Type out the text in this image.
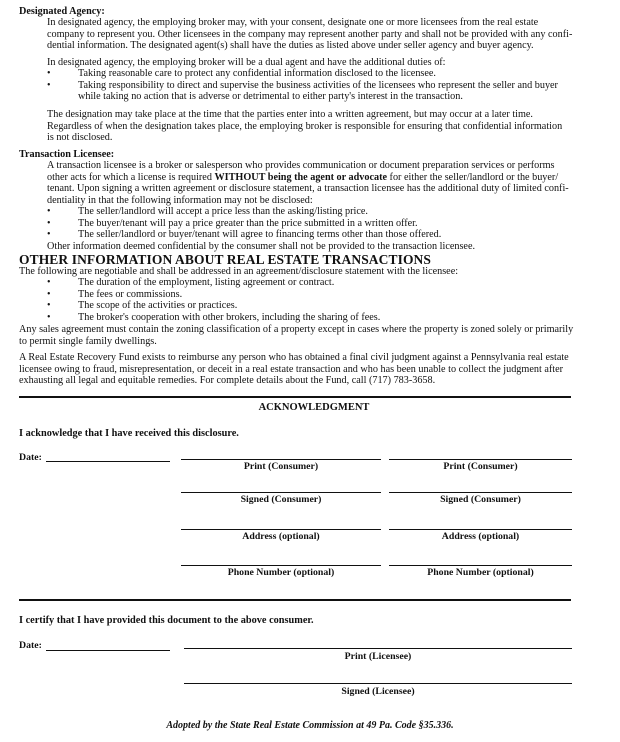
Designated Agency:
In designated agency, the employing broker may, with your consent, designate one or more licensees from the real estate
company to represent you. Other licensees in the company may represent another party and shall not be provided with any confi-
dential information. The designated agent(s) shall have the duties as listed above under seller agency and buyer agency.
In designated agency, the employing broker will be a dual agent and have the additional duties of:
•	Taking reasonable care to protect any confidential information disclosed to the licensee.
•	Taking responsibility to direct and supervise the business activities of the licensees who represent the seller and buyer
while taking no action that is adverse or detrimental to either party's interest in the transaction.
The designation may take place at the time that the parties enter into a written agreement, but may occur at a later time.
Regardless of when the designation takes place, the employing broker is responsible for ensuring that confidential information
is not disclosed.
Transaction Licensee:
A transaction licensee is a broker or salesperson who provides communication or document preparation services or performs
other acts for which a license is required WITHOUT being the agent or advocate for either the seller/landlord or the buyer/
tenant. Upon signing a written agreement or disclosure statement, a transaction licensee has the additional duty of limited confi-
dentiality in that the following information may not be disclosed:
•	The seller/landlord will accept a price less than the asking/listing price.
•	The buyer/tenant will pay a price greater than the price submitted in a written offer.
•	The seller/landlord or buyer/tenant will agree to financing terms other than those offered.
Other information deemed confidential by the consumer shall not be provided to the transaction licensee.
OTHER INFORMATION ABOUT REAL ESTATE TRANSACTIONS
The following are negotiable and shall be addressed in an agreement/disclosure statement with the licensee:
•	The duration of the employment, listing agreement or contract.
•	The fees or commissions.
•	The scope of the activities or practices.
•	The broker's cooperation with other brokers, including the sharing of fees.
Any sales agreement must contain the zoning classification of a property except in cases where the property is zoned solely or primarily
to permit single family dwellings.
A Real Estate Recovery Fund exists to reimburse any person who has obtained a final civil judgment against a Pennsylvania real estate
licensee owing to fraud, misrepresentation, or deceit in a real estate transaction and who has been unable to collect the judgment after
exhausting all legal and equitable remedies. For complete details about the Fund, call (717) 783-3658.
ACKNOWLEDGMENT
I acknowledge that I have received this disclosure.
Date:
Print (Consumer)	Print (Consumer)
Signed (Consumer)	Signed (Consumer)
Address (optional)	Address (optional)
Phone Number (optional)	Phone Number (optional)
I certify that I have provided this document to the above consumer.
Date:
Print (Licensee)
Signed (Licensee)
Adopted by the State Real Estate Commission at 49 Pa. Code §35.336.
